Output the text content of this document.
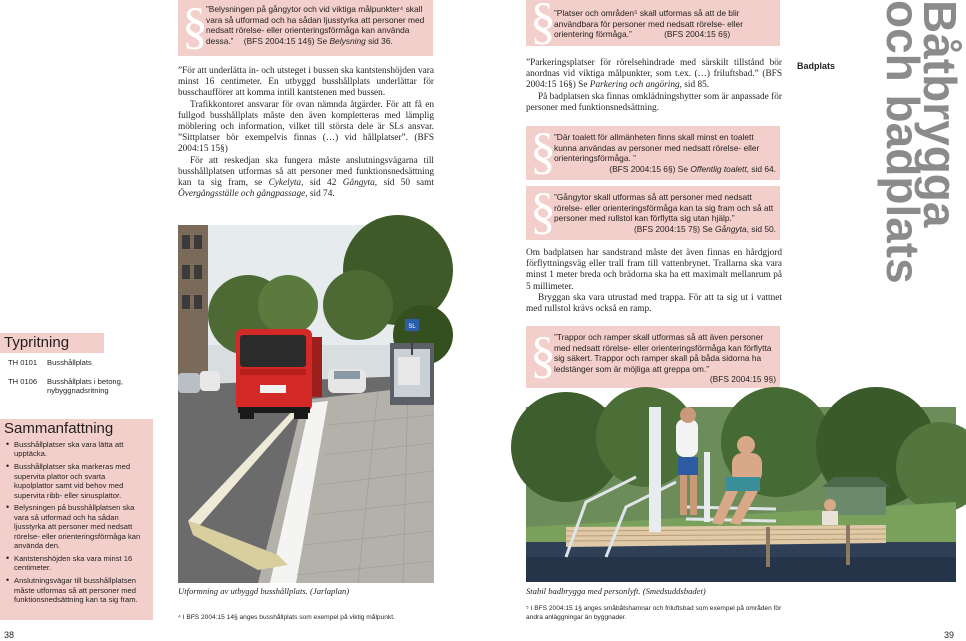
§
”Belysningen på gångytor och vid viktiga målpunkter⁴ skall vara så utformad och ha sådan ljusstyrka att personer med nedsatt rörelse- eller orienteringsförmåga kan använda dessa.” (BFS 2004:15 14§) Se Belysning sid 36.

”För att underlätta in- och utsteget i bussen ska kantstenshöjden vara minst 16 centimeter. En utbyggd busshållplats underlättar för busschaufförer att komma intill kantstenen med bussen.

Trafikkontoret ansvarar för ovan nämnda åtgärder. För att få en fullgod busshållplats måste den även kompletteras med lämplig möblering och information, vilket till största dele är SLs ansvar. ”Sittplatser bör exempelvis finnas (…) vid hållplatser”. (BFS 2004:15 15§)

För att reskedjan ska fungera måste anslutningsvägarna till busshållplatsen utformas så att personer med funktionsnedsättning kan ta sig fram, se Cykelyta, sid 42 Gångyta, sid 50 samt Övergångsställe och gångpassage, sid 74.

SL
Utformning av utbyggd busshållplats. (Jarlaplan)
⁴ I BFS 2004:15 14§ anges busshållplats som exempel på viktig målpunkt.
38
Typritning
TH 0101 Busshållplats
TH 0106 Busshållplats i betong, nybyggnadsritning
Sammanfattning
• Busshållplatser ska vara lätta att upptäcka.
• Busshållplatser ska markeras med supervita plattor och svarta kupolplattor samt vid behov med supervita ribb- eller sinusplattor.
• Belysningen på busshållplatsen ska vara så utformad och ha sådan ljusstyrka att personer med nedsatt rörelse- eller orienteringsförmåga kan använda den.
• Kantstenshöjden ska vara minst 16 centimeter.
• Anslutningsvägar till busshållplatsen måste utformas så att personer med funktionsnedsättning kan ta sig fram.
Båtbrygga
och badplats
Badplats
§
”Platser och områden⁵ skall utformas så att de blir användbara för personer med nedsatt rörelse- eller orientering förmåga.”	(BFS 2004:15 6§)

”Parkeringsplatser för rörelsehindrade med särskilt tillstånd bör anordnas vid viktiga målpunkter, som t.ex. (…) friluftsbad.” (BFS 2004:15 16§) Se Parkering och angöring, sid 85.

På badplatsen ska finnas omklädningshytter som är anpassade för personer med funktionsnedsättning.

§
”Där toalett för allmänheten finns skall minst en toalett kunna användas av personer med nedsatt rörelse- eller orienteringsförmåga. ”
(BFS 2004:15 6§) Se Offentlig toalett, sid 64.
§
”Gångytor skall utformas så att personer med nedsatt rörelse- eller orienteringsförmåga kan ta sig fram och så att personer med rullstol kan förflytta sig utan hjälp.”
(BFS 2004:15 7§) Se Gångyta, sid 50.

Om badplatsen har sandstrand måste det även finnas en hårdgjord förflyttningsväg eller trall fram till vattenbrynet. Trallarna ska vara minst 1 meter breda och brädorna ska ha ett maximalt mellanrum på 5 millimeter.

Bryggan ska vara utrustad med trappa. För att ta sig ut i vattnet med rullstol krävs också en ramp.

§
”Trappor och ramper skall utformas så att även personer med nedsatt rörelse- eller orienteringsförmåga kan förflytta sig säkert. Trappor och ramper skall på båda sidorna ha ledstänger som är möjliga att greppa om.”
(BFS 2004:15 9§)
Stabil badbrygga med personlyft. (Smedsuddsbadet)
⁵ I BFS 2004:15 1§ anges småbåtshamnar och friluftsbad som exempel på områden för andra anläggningar än byggnader.
39
